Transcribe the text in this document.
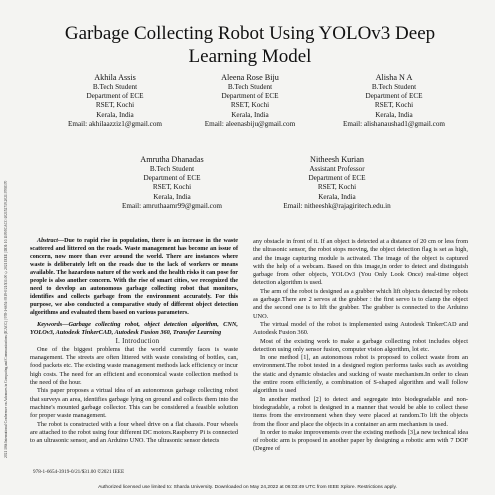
2021 10th International Conference on Advances in Computing and Communications (ICACC) | 978-1-6654-3919-0/21/$31.00 ©2021 IEEE | DOI: 10.1109/ICACC-202152719.2021.9708370
Garbage Collecting Robot Using YOLOv3 Deep Learning Model
Akhila Assis
B.Tech Student
Department of ECE
RSET, Kochi
Kerala, India
Email: akhilaazziz1@gmail.com
Aleena Rose Biju
B.Tech Student
Department of ECE
RSET, Kochi
Kerala, India
Email: aleenasbiju@gmail.com
Alisha N A
B.Tech Student
Department of ECE
RSET, Kochi
Kerala, India
Email: alishanaushad1@gmail.com
Amrutha Dhanadas
B.Tech Student
Department of ECE
RSET, Kochi
Kerala, India
Email: amruthaamr99@gmail.com
Nitheesh Kurian
Assistant Professor
Department of ECE
RSET, Kochi
Kerala, India
Email: nitheeshk@rajagiritech.edu.in

Abstract—Due to rapid rise in population, there is an increase in the waste scattered and littered on the roads. Waste management has become an issue of concern, now more than ever around the world. There are instances where waste is deliberately left on the roads due to the lack of workers or means available. The hazardous nature of the work and the health risks it can pose for people is also another concern. With the rise of smart cities, we recognized the need to develop an autonomous garbage collecting robot that monitors, identifies and collects garbage from the environment accurately. For this purpose, we also conducted a comparative study of different object detection algorithms and evaluated them based on various parameters.

Keywords—Garbage collecting robot, object detection algorithm, CNN, YOLOv3, Autodesk TinkerCAD, Autodesk Fusion 360, Transfer Learning

I. Introduction

One of the biggest problems that the world currently faces is waste management. The streets are often littered with waste consisting of bottles, can, food packets etc. The existing waste management methods lack efficiency or incur high costs. The need for an efficient and economical waste collection method is the need of the hour.

This paper proposes a virtual idea of an autonomous garbage collecting robot that surveys an area, identifies garbage lying on ground and collects them into the machine's mounted garbage collector. This can be considered a feasible solution for proper waste management.

The robot is constructed with a four wheel drive on a flat chassis. Four wheels are attached to the robot using four different DC motors.Raspberry Pi is connected to an ultrasonic sensor, and an Arduino UNO. The ultrasonic sensor detects

any obstacle in front of it. If an object is detected at a distance of 20 cm or less from the ultrasonic sensor, the robot stops moving, the object detection flag is set as high, and the image capturing module is activated. The image of the object is captured with the help of a webcam. Based on this image,in order to detect and distinguish garbage from other objects, YOLOv3 (You Only Look Once) real-time object detection algorithm is used.

The arm of the robot is designed as a grabber which lift objects detected by robots as garbage.There are 2 servos at the grabber : the first servo is to clamp the object and the second one is to lift the grabber. The grabber is connected to the Arduino UNO.

The virtual model of the robot is implemented using Autodesk TinkerCAD and Autodesk Fusion 360.

Most of the existing work to make a garbage collecting robot includes object detection using only sensor fusion, computer vision algorithm, lot etc.

In one method [1], an autonomous robot is proposed to collect waste from an environment.The robot tested in a designed region performs tasks such as avoiding the static and dynamic obstacles and sucking of waste mechanism.In order to clean the entire room efficiently, a combination of S-shaped algorithm and wall follow algorithm is used

In another method [2] to detect and segregate into biodegradable and non-biodegradable, a robot is designed in a manner that would be able to collect these items from the environment when they were placed at random.To lift the objects from the floor and place the objects in a container an arm mechanism is used.

In order to make improvements over the existing methods [3],a new technical idea of robotic arm is proposed in another paper by designing a robotic arm with 7 DOF (Degree of

978-1-6654-3919-0/21/$31.00 ©2021 IEEE
Authorized licensed use limited to: Sharda University. Downloaded on May 24,2022 at 06:03:49 UTC from IEEE Xplore. Restrictions apply.
